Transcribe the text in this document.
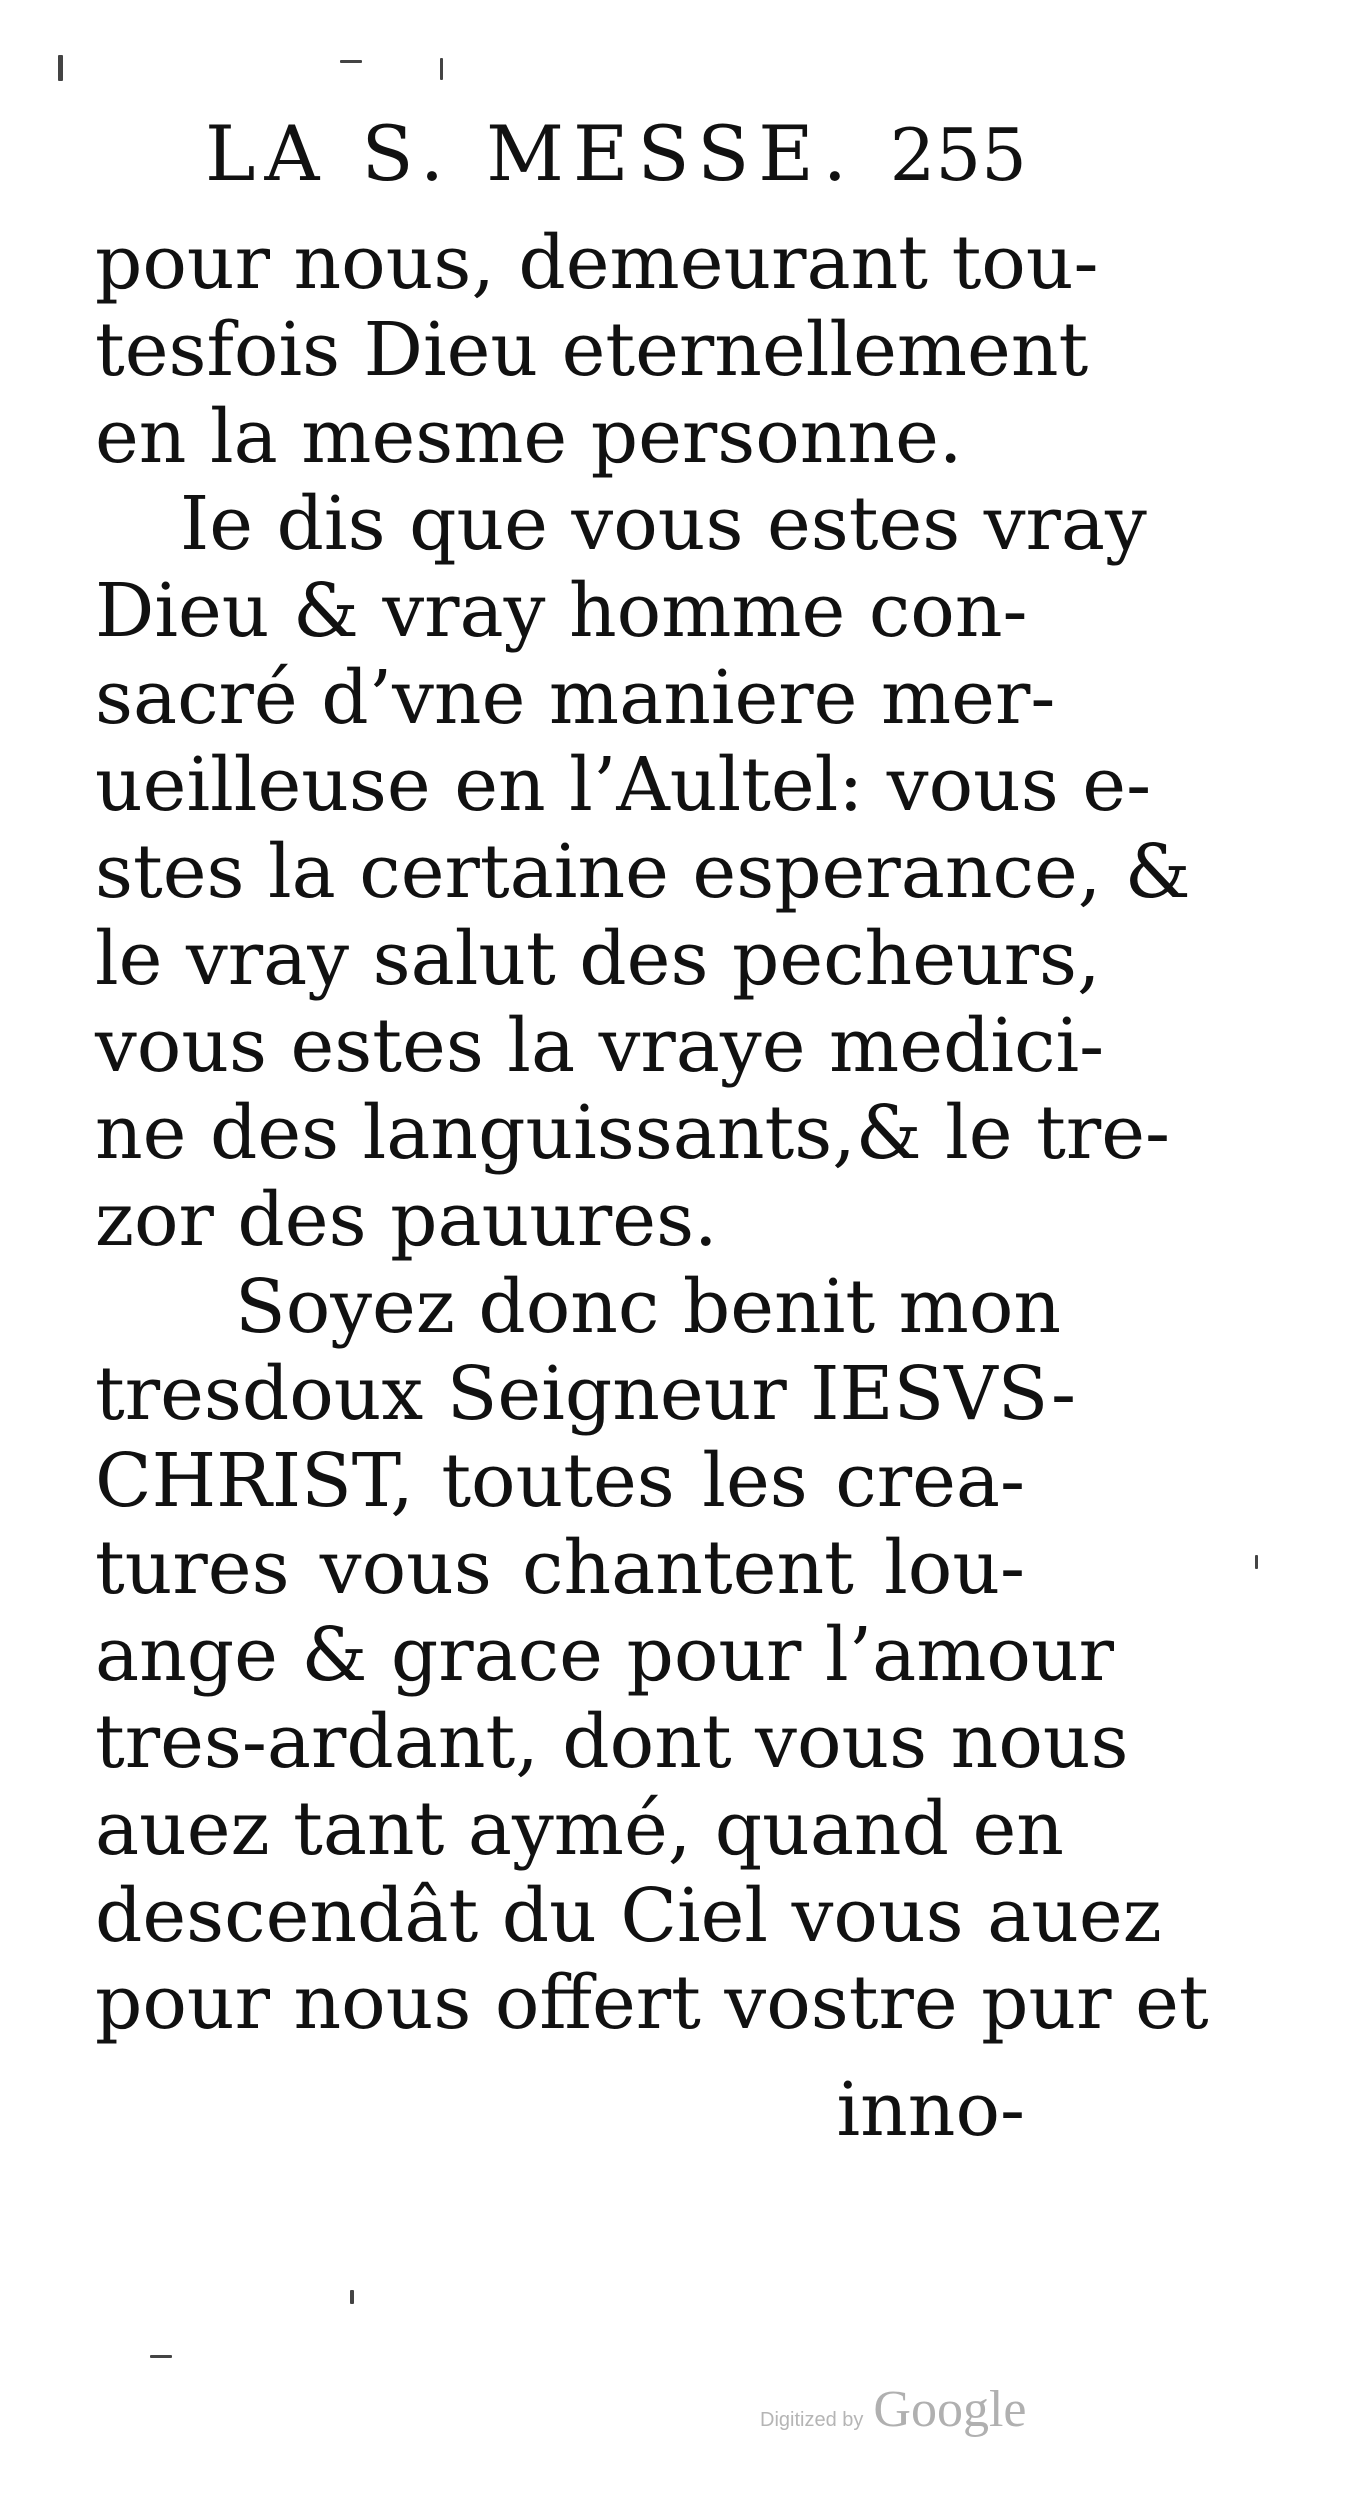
LA S. MESSE. 255
pour nous, demeurant tou-
tesfois Dieu eternellement
en la mesme personne.
Ie dis que vous estes vray
Dieu & vray homme con-
sacré d’vne maniere mer-
ueilleuse en l’Aultel: vous e-
stes la certaine esperance, &
le vray salut des pecheurs,
vous estes la vraye medici-
ne des languissants,& le tre-
zor des pauures.
Soyez donc benit mon
tresdoux Seigneur IESVS-
CHRIST, toutes les crea-
tures vous chantent lou-
ange & grace pour l’amour
tres-ardant, dont vous nous
auez tant aymé, quand en
descendât du Ciel vous auez
pour nous offert vostre pur et
inno-
Digitized by Google
